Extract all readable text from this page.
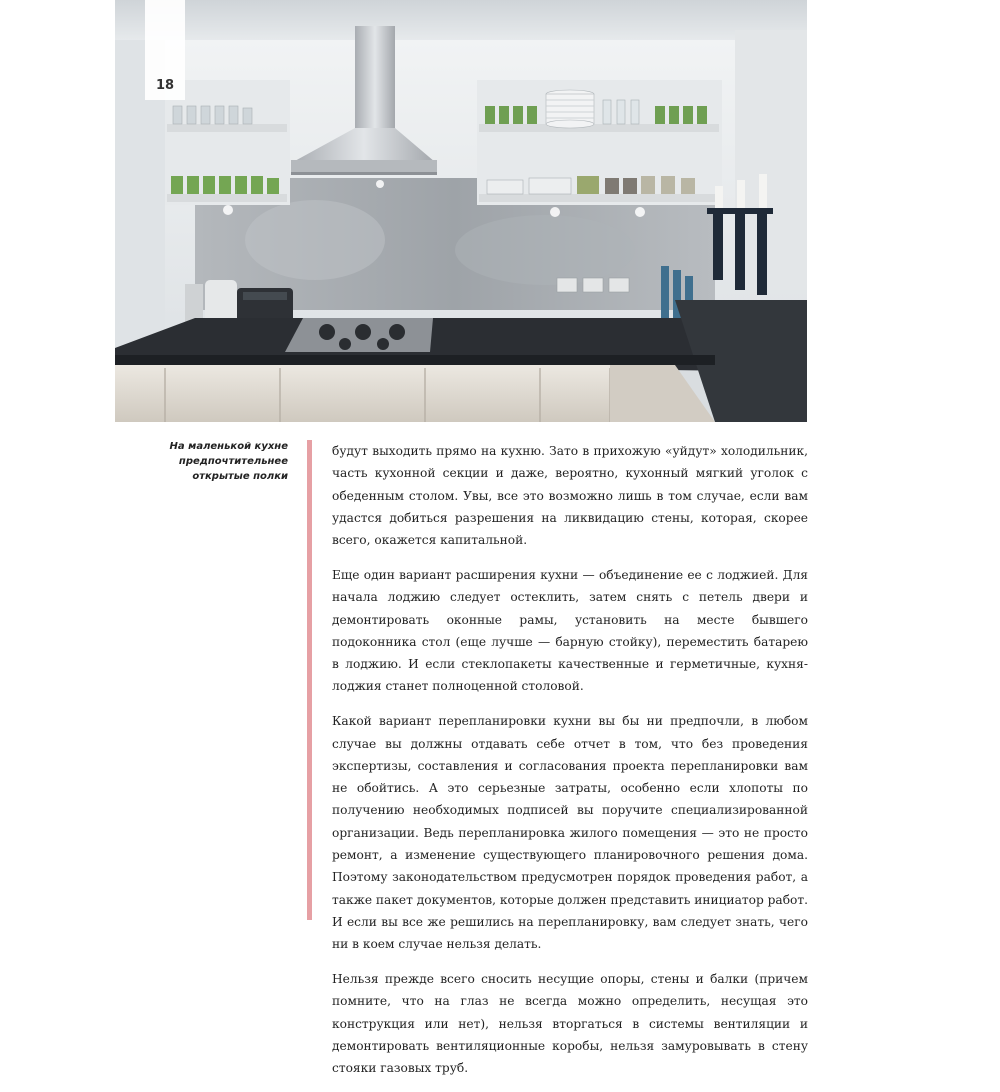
18
На маленькой кухне предпочтительнее открытые полки

будут выходить прямо на кухню. Зато в прихожую «уйдут» холодильник, часть кухонной секции и даже, вероятно, кухонный мягкий уголок с обеденным столом. Увы, все это возможно лишь в том случае, если вам удастся добиться разрешения на ликвидацию стены, которая, скорее всего, окажется капитальной.

Еще один вариант расширения кухни — объединение ее с лоджией. Для начала лоджию следует остеклить, затем снять с петель двери и демонтировать оконные рамы, установить на месте бывшего подоконника стол (еще лучше — барную стойку), переместить батарею в лоджию. И если стеклопакеты качественные и герметичные, кухня-лоджия станет полноценной столовой.

Какой вариант перепланировки кухни вы бы ни предпочли, в любом случае вы должны отдавать себе отчет в том, что без проведения экспертизы, составления и согласования проекта перепланировки вам не обойтись. А это серьезные затраты, особенно если хлопоты по получению необходимых подписей вы поручите специализированной организации. Ведь перепланировка жилого помещения — это не просто ремонт, а изменение существующего планировочного решения дома. Поэтому законодательством предусмотрен порядок проведения работ, а также пакет документов, которые должен представить инициатор работ. И если вы все же решились на перепланировку, вам следует знать, чего ни в коем случае нельзя делать.

Нельзя прежде всего сносить несущие опоры, стены и балки (причем помните, что на глаз не всегда можно определить, несущая это конструкция или нет), нельзя вторгаться в системы вентиляции и демонтировать вентиляционные коробы, нельзя замуровывать в стену стояки газовых труб.
